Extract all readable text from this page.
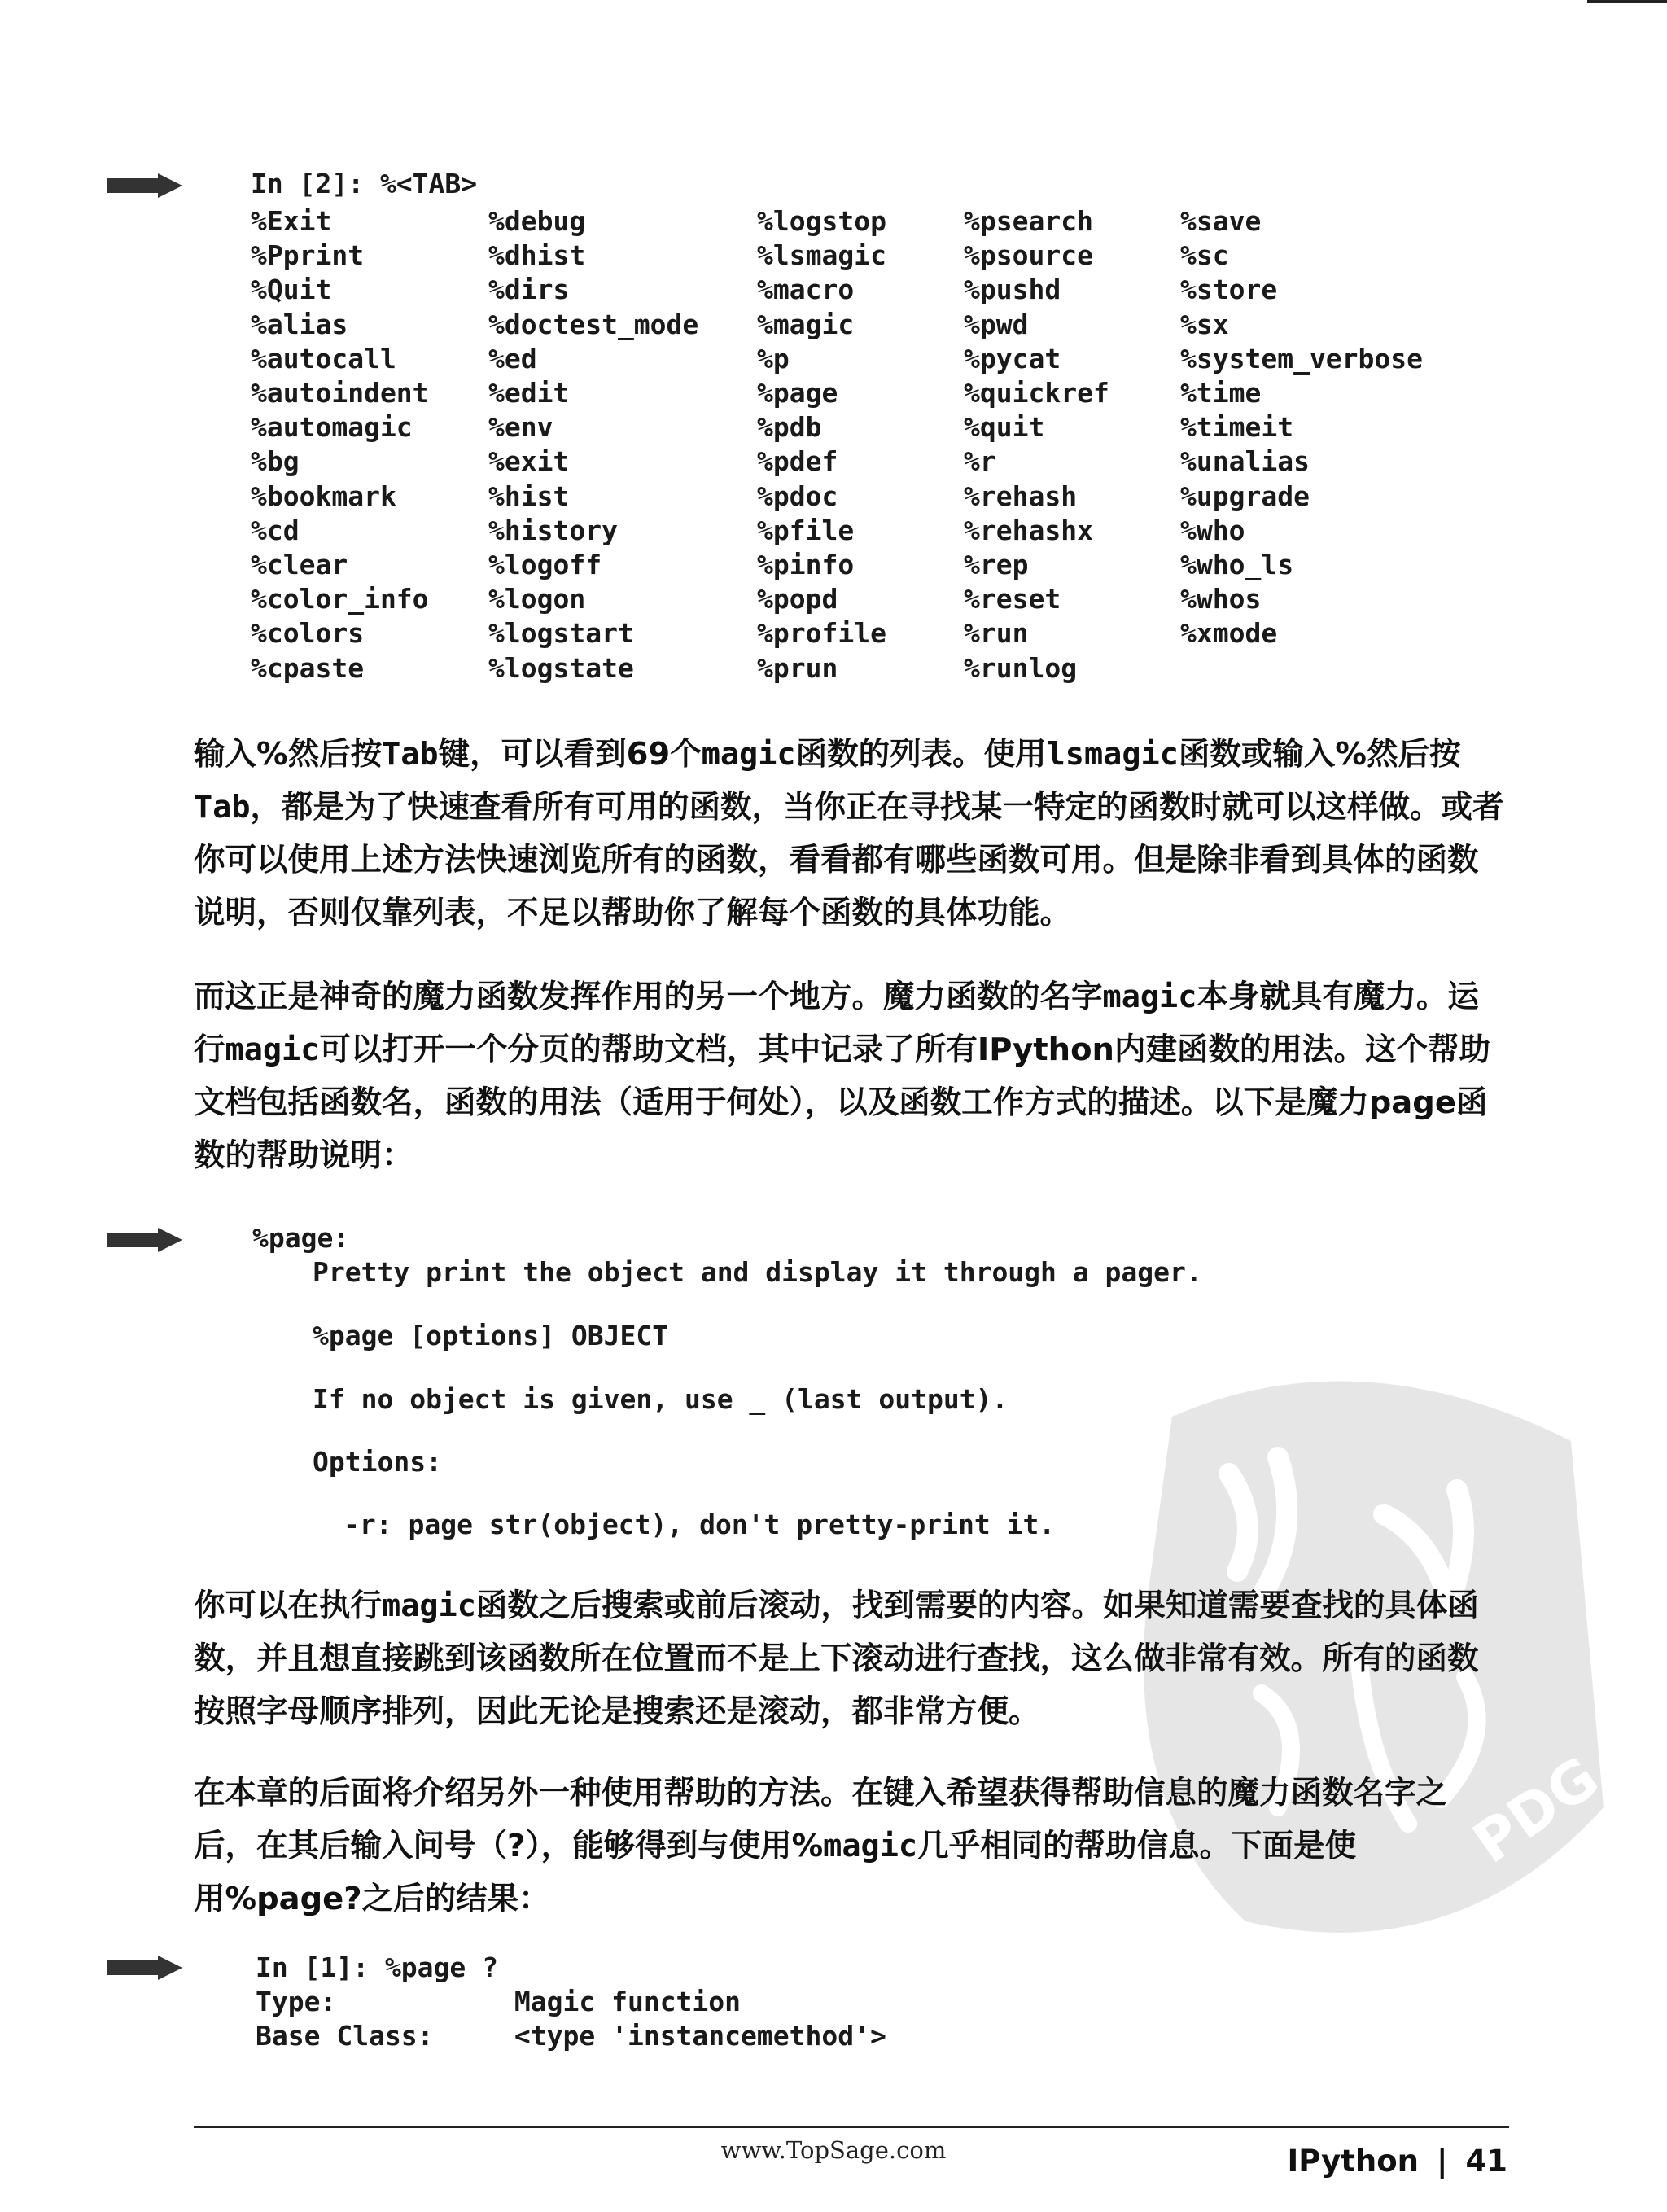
In [2]: %<TAB>
%Exit
%Pprint
%Quit
%alias
%autocall
%autoindent
%automagic
%bg
%bookmark
%cd
%clear
%color_info
%colors
%cpaste
%debug
%dhist
%dirs
%doctest_mode
%ed
%edit
%env
%exit
%hist
%history
%logoff
%logon
%logstart
%logstate
%logstop
%lsmagic
%macro
%magic
%p
%page
%pdb
%pdef
%pdoc
%pfile
%pinfo
%popd
%profile
%prun
%psearch
%psource
%pushd
%pwd
%pycat
%quickref
%quit
%r
%rehash
%rehashx
%rep
%reset
%run
%runlog
%save
%sc
%store
%sx
%system_verbose
%time
%timeit
%unalias
%upgrade
%who
%who_ls
%whos
%xmode
输入%然后按Tab键，可以看到69个magic函数的列表。使用lsmagic函数或输入%然后按Tab，都是为了快速查看所有可用的函数，当你正在寻找某一特定的函数时就可以这样做。或者你可以使用上述方法快速浏览所有的函数，看看都有哪些函数可用。但是除非看到具体的函数说明，否则仅靠列表，不足以帮助你了解每个函数的具体功能。
而这正是神奇的魔力函数发挥作用的另一个地方。魔力函数的名字magic本身就具有魔力。运行magic可以打开一个分页的帮助文档，其中记录了所有IPython内建函数的用法。这个帮助文档包括函数名，函数的用法（适用于何处），以及函数工作方式的描述。以下是魔力page函数的帮助说明：
%page:
Pretty print the object and display it through a pager.
%page [options] OBJECT
If no object is given, use _ (last output).
Options:
-r: page str(object), don't pretty-print it.
PDG
你可以在执行magic函数之后搜索或前后滚动，找到需要的内容。如果知道需要查找的具体函数，并且想直接跳到该函数所在位置而不是上下滚动进行查找，这么做非常有效。所有的函数按照字母顺序排列，因此无论是搜索还是滚动，都非常方便。
在本章的后面将介绍另外一种使用帮助的方法。在键入希望获得帮助信息的魔力函数名字之后，在其后输入问号（?），能够得到与使用%magic几乎相同的帮助信息。下面是使用%page?之后的结果：
In [1]: %page ?
Type:           Magic function
Base Class:     <type 'instancemethod'>
www.TopSage.com	IPython | 41
